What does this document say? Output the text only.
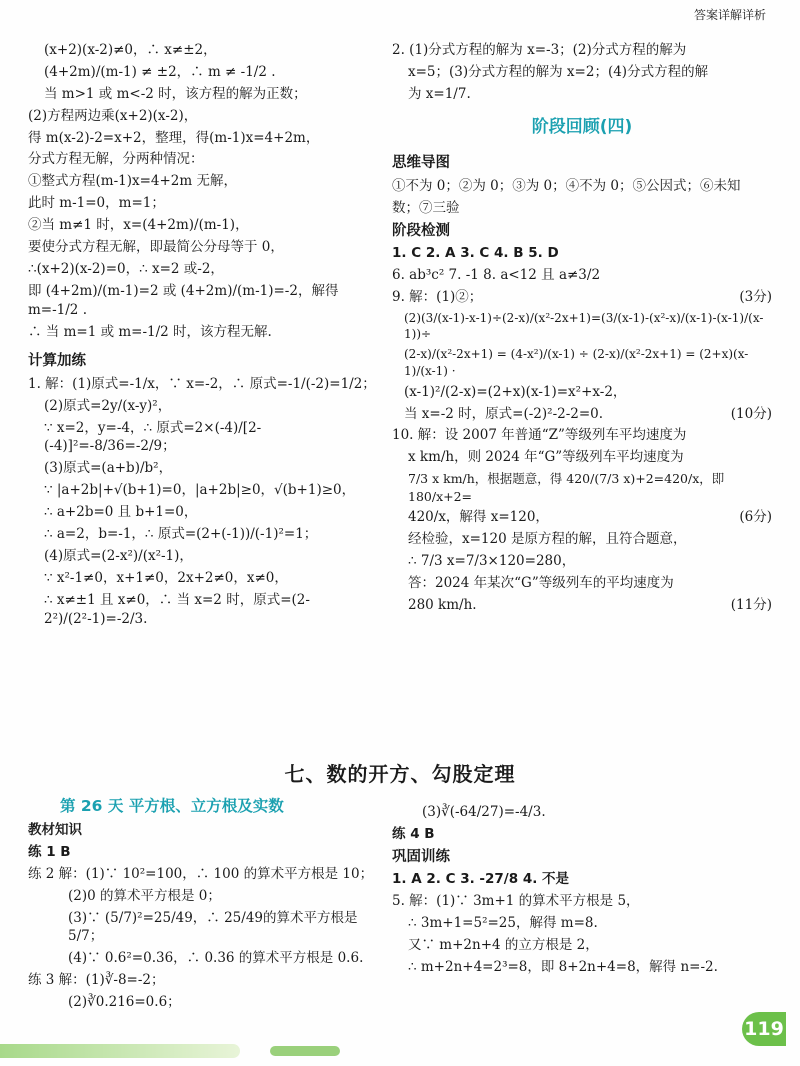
答案详解详析
(x+2)(x-2)≠0，∴ x≠±2，
(4+2m)/(m-1) ≠ ±2，∴ m ≠ -1/2 .
当 m>1 或 m<-2 时，该方程的解为正数；
(2)方程两边乘(x+2)(x-2)，
得 m(x-2)-2=x+2，整理，得(m-1)x=4+2m，
分式方程无解，分两种情况：
①整式方程(m-1)x=4+2m 无解，
此时 m-1=0，m=1；
②当 m≠1 时，x=(4+2m)/(m-1)，
要使分式方程无解，即最简公分母等于 0，
∴(x+2)(x-2)=0，∴ x=2 或-2，
即 (4+2m)/(m-1)=2 或 (4+2m)/(m-1)=-2，解得 m=-1/2 .
∴ 当 m=1 或 m=-1/2 时，该方程无解.
计算加练
1. 解：(1)原式=-1/x，∵ x=-2，∴ 原式=-1/(-2)=1/2；
(2)原式=2y/(x-y)²，
∵ x=2，y=-4，∴ 原式=2×(-4)/[2-(-4)]²=-8/36=-2/9；
(3)原式=(a+b)/b²，
∵ |a+2b|+√(b+1)=0，|a+2b|≥0，√(b+1)≥0，
∴ a+2b=0 且 b+1=0，
∴ a=2，b=-1，∴ 原式=(2+(-1))/(-1)²=1；
(4)原式=(2-x²)/(x²-1)，
∵ x²-1≠0，x+1≠0，2x+2≠0，x≠0，
∴ x≠±1 且 x≠0，∴ 当 x=2 时，原式=(2-2²)/(2²-1)=-2/3.
2. (1)分式方程的解为 x=-3；(2)分式方程的解为
x=5；(3)分式方程的解为 x=2；(4)分式方程的解
为 x=1/7.
阶段回顾(四)
思维导图
①不为 0；②为 0；③为 0；④不为 0；⑤公因式；⑥未知
数；⑦三验
阶段检测
1. C 2. A 3. C 4. B 5. D
6. ab³c² 7. -1 8. a<12 且 a≠3/2
9. 解：(1)②；	(3分)
(2)(3/(x-1)-x-1)÷(2-x)/(x²-2x+1)=(3/(x-1)-(x²-x)/(x-1)-(x-1)/(x-1))÷
(2-x)/(x²-2x+1) = (4-x²)/(x-1) ÷ (2-x)/(x²-2x+1) = (2+x)(x-1)/(x-1) ·
(x-1)²/(2-x)=(2+x)(x-1)=x²+x-2，
当 x=-2 时，原式=(-2)²-2-2=0.	(10分)
10. 解：设 2007 年普通“Z”等级列车平均速度为
x km/h，则 2024 年“G”等级列车平均速度为
7/3 x km/h，根据题意，得 420/(7/3 x)+2=420/x，即 180/x+2=
420/x，解得 x=120，	(6分)
经检验，x=120 是原方程的解，且符合题意，
∴ 7/3 x=7/3×120=280，
答：2024 年某次“G”等级列车的平均速度为
280 km/h.	(11分)
七、数的开方、勾股定理
第 26 天 平方根、立方根及实数
教材知识
练 1 B
练 2 解：(1)∵ 10²=100，∴ 100 的算术平方根是 10；
(2)0 的算术平方根是 0；
(3)∵ (5/7)²=25/49，∴ 25/49的算术平方根是 5/7；
(4)∵ 0.6²=0.36，∴ 0.36 的算术平方根是 0.6.
练 3 解：(1)∛-8=-2；
(2)∛0.216=0.6；
(3)∛(-64/27)=-4/3.
练 4 B
巩固训练
1. A 2. C 3. -27/8 4. 不是
5. 解：(1)∵ 3m+1 的算术平方根是 5，
∴ 3m+1=5²=25，解得 m=8.
又∵ m+2n+4 的立方根是 2，
∴ m+2n+4=2³=8，即 8+2n+4=8，解得 n=-2.
119
